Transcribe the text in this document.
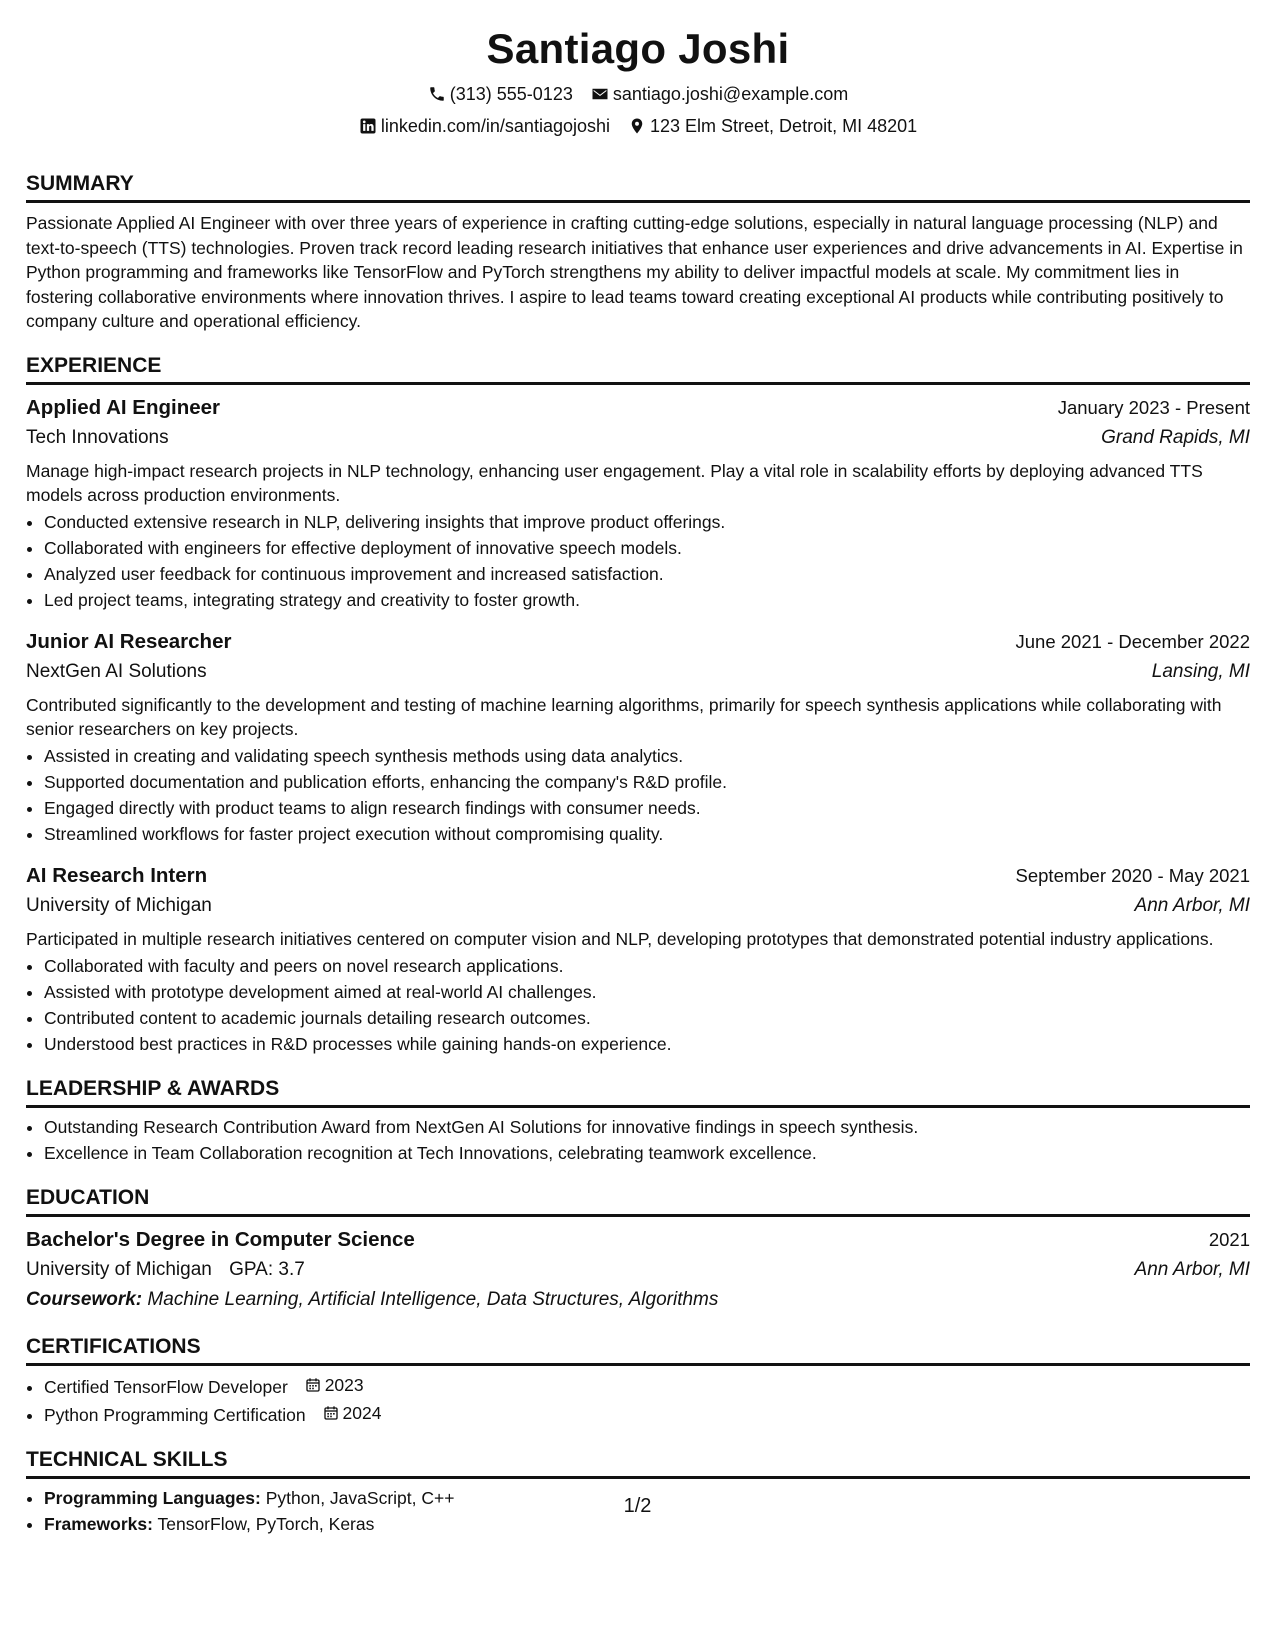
Santiago Joshi
(313) 555-0123 santiago.joshi@example.com
linkedin.com/in/santiagojoshi 123 Elm Street, Detroit, MI 48201
SUMMARY
Passionate Applied AI Engineer with over three years of experience in crafting cutting-edge solutions, especially in natural language processing (NLP) and text-to-speech (TTS) technologies. Proven track record leading research initiatives that enhance user experiences and drive advancements in AI. Expertise in Python programming and frameworks like TensorFlow and PyTorch strengthens my ability to deliver impactful models at scale. My commitment lies in fostering collaborative environments where innovation thrives. I aspire to lead teams toward creating exceptional AI products while contributing positively to company culture and operational efficiency.
EXPERIENCE
Applied AI Engineer	January 2023 - Present
Tech Innovations	Grand Rapids, MI
Manage high-impact research projects in NLP technology, enhancing user engagement. Play a vital role in scalability efforts by deploying advanced TTS models across production environments.
• Conducted extensive research in NLP, delivering insights that improve product offerings.
• Collaborated with engineers for effective deployment of innovative speech models.
• Analyzed user feedback for continuous improvement and increased satisfaction.
• Led project teams, integrating strategy and creativity to foster growth.
Junior AI Researcher	June 2021 - December 2022
NextGen AI Solutions	Lansing, MI
Contributed significantly to the development and testing of machine learning algorithms, primarily for speech synthesis applications while collaborating with senior researchers on key projects.
• Assisted in creating and validating speech synthesis methods using data analytics.
• Supported documentation and publication efforts, enhancing the company's R&D profile.
• Engaged directly with product teams to align research findings with consumer needs.
• Streamlined workflows for faster project execution without compromising quality.
AI Research Intern	September 2020 - May 2021
University of Michigan	Ann Arbor, MI
Participated in multiple research initiatives centered on computer vision and NLP, developing prototypes that demonstrated potential industry applications.
• Collaborated with faculty and peers on novel research applications.
• Assisted with prototype development aimed at real-world AI challenges.
• Contributed content to academic journals detailing research outcomes.
• Understood best practices in R&D processes while gaining hands-on experience.
LEADERSHIP & AWARDS
• Outstanding Research Contribution Award from NextGen AI Solutions for innovative findings in speech synthesis.
• Excellence in Team Collaboration recognition at Tech Innovations, celebrating teamwork excellence.
EDUCATION
Bachelor's Degree in Computer Science	2021
University of Michigan GPA: 3.7	Ann Arbor, MI
Coursework: Machine Learning, Artificial Intelligence, Data Structures, Algorithms
CERTIFICATIONS
• Certified TensorFlow Developer 2023
• Python Programming Certification 2024
TECHNICAL SKILLS
• Programming Languages: Python, JavaScript, C++
• Frameworks: TensorFlow, PyTorch, Keras
1/2
